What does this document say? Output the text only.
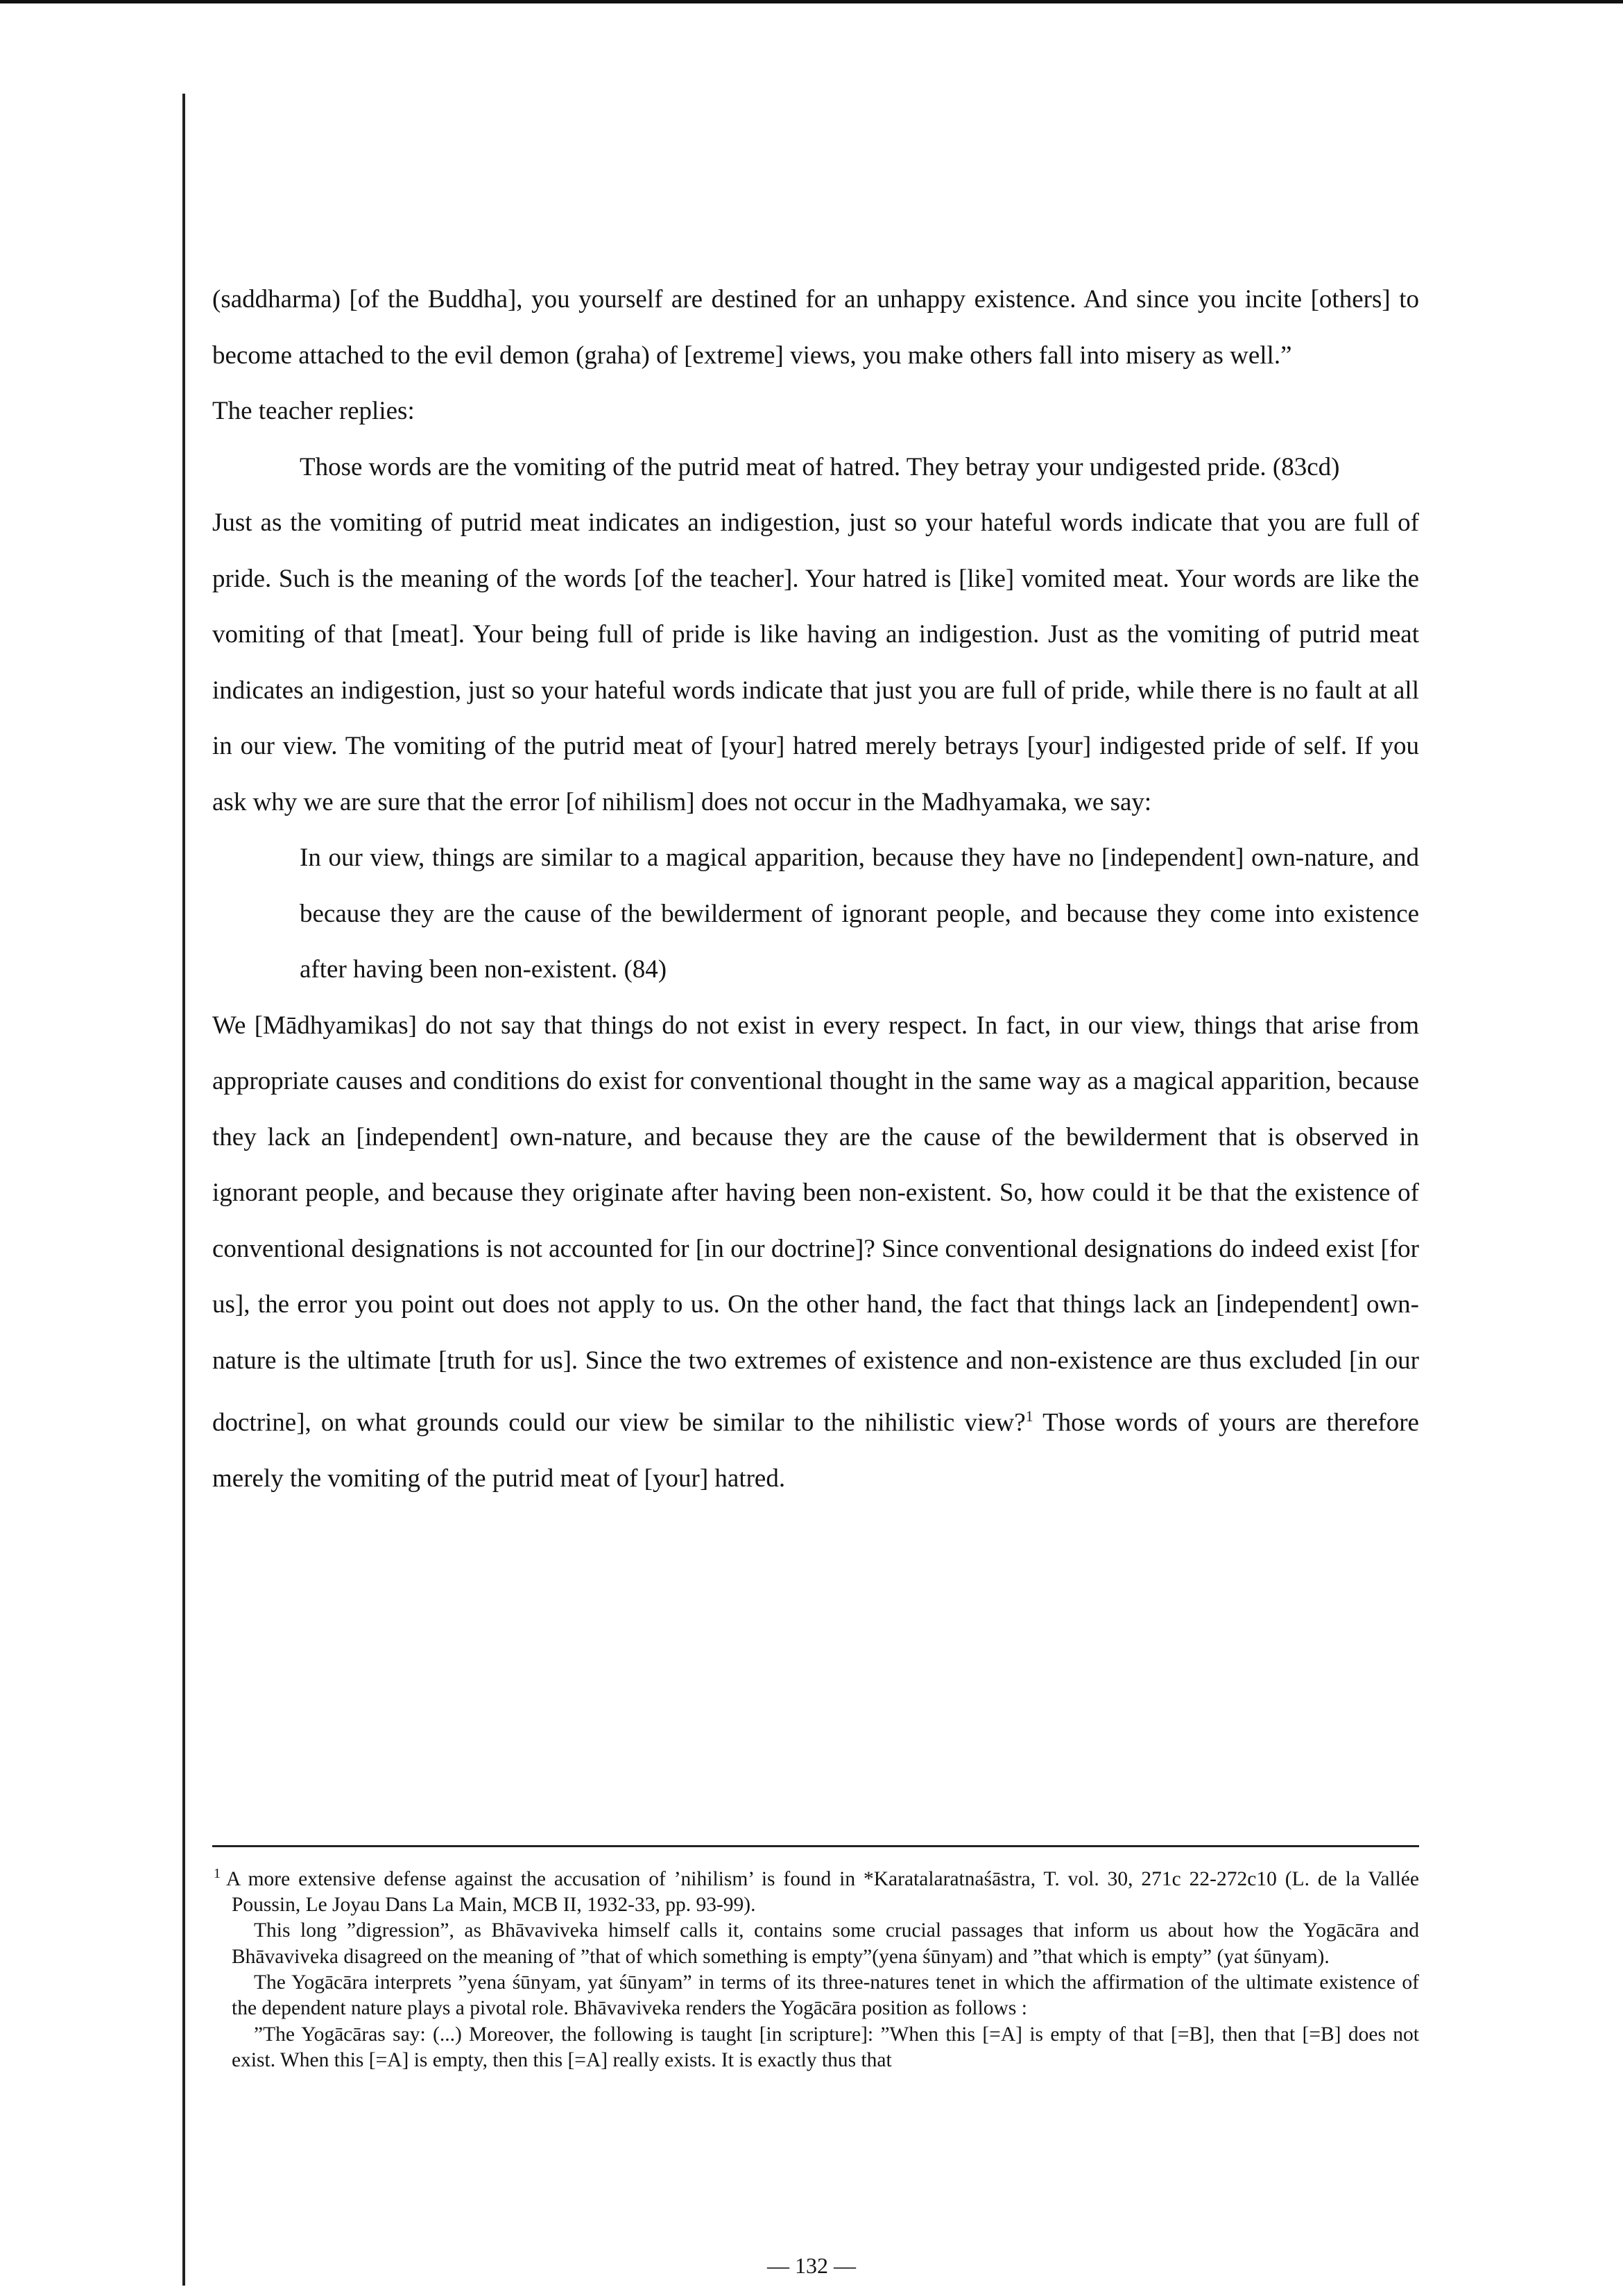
(saddharma) [of the Buddha], you yourself are destined for an unhappy existence. And since you incite [others] to become attached to the evil demon (graha) of [extreme] views, you make others fall into misery as well.”

The teacher replies:

Those words are the vomiting of the putrid meat of hatred. They betray your undigested pride. (83cd)

Just as the vomiting of putrid meat indicates an indigestion, just so your hateful words indicate that you are full of pride. Such is the meaning of the words [of the teacher]. Your hatred is [like] vomited meat. Your words are like the vomiting of that [meat]. Your being full of pride is like having an indigestion. Just as the vomiting of putrid meat indicates an indigestion, just so your hateful words indicate that just you are full of pride, while there is no fault at all in our view. The vomiting of the putrid meat of [your] hatred merely betrays [your] indigested pride of self. If you ask why we are sure that the error [of nihilism] does not occur in the Madhyamaka, we say:

In our view, things are similar to a magical apparition, because they have no [independent] own-nature, and because they are the cause of the bewilderment of ignorant people, and because they come into existence after having been non-existent. (84)

We [Mādhyamikas] do not say that things do not exist in every respect. In fact, in our view, things that arise from appropriate causes and conditions do exist for conventional thought in the same way as a magical apparition, because they lack an [independent] own-nature, and because they are the cause of the bewilderment that is observed in ignorant people, and because they originate after having been non-existent. So, how could it be that the existence of conventional designations is not accounted for [in our doctrine]? Since conventional designations do indeed exist [for us], the error you point out does not apply to us. On the other hand, the fact that things lack an [independent] own-nature is the ultimate [truth for us]. Since the two extremes of existence and non-existence are thus excluded [in our doctrine], on what grounds could our view be similar to the nihilistic view?$^1$ Those words of yours are therefore merely the vomiting of the putrid meat of [your] hatred.

$^1$ A more extensive defense against the accusation of ’nihilism’ is found in *Karatalaratnaśāstra, T. vol. 30, 271c 22-272c10 (L. de la Vallée Poussin, Le Joyau Dans La Main, MCB II, 1932-33, pp. 93-99).

This long ”digression”, as Bhāvaviveka himself calls it, contains some crucial passages that inform us about how the Yogācāra and Bhāvaviveka disagreed on the meaning of ”that of which something is empty”(yena śūnyam) and ”that which is empty” (yat śūnyam).

The Yogācāra interprets ”yena śūnyam, yat śūnyam” in terms of its three-natures tenet in which the affirmation of the ultimate existence of the dependent nature plays a pivotal role. Bhāvaviveka renders the Yogācāra position as follows :

”The Yogācāras say: (...) Moreover, the following is taught [in scripture]: ”When this [=A] is empty of that [=B], then that [=B] does not exist. When this [=A] is empty, then this [=A] really exists. It is exactly thus that

— 132 —
